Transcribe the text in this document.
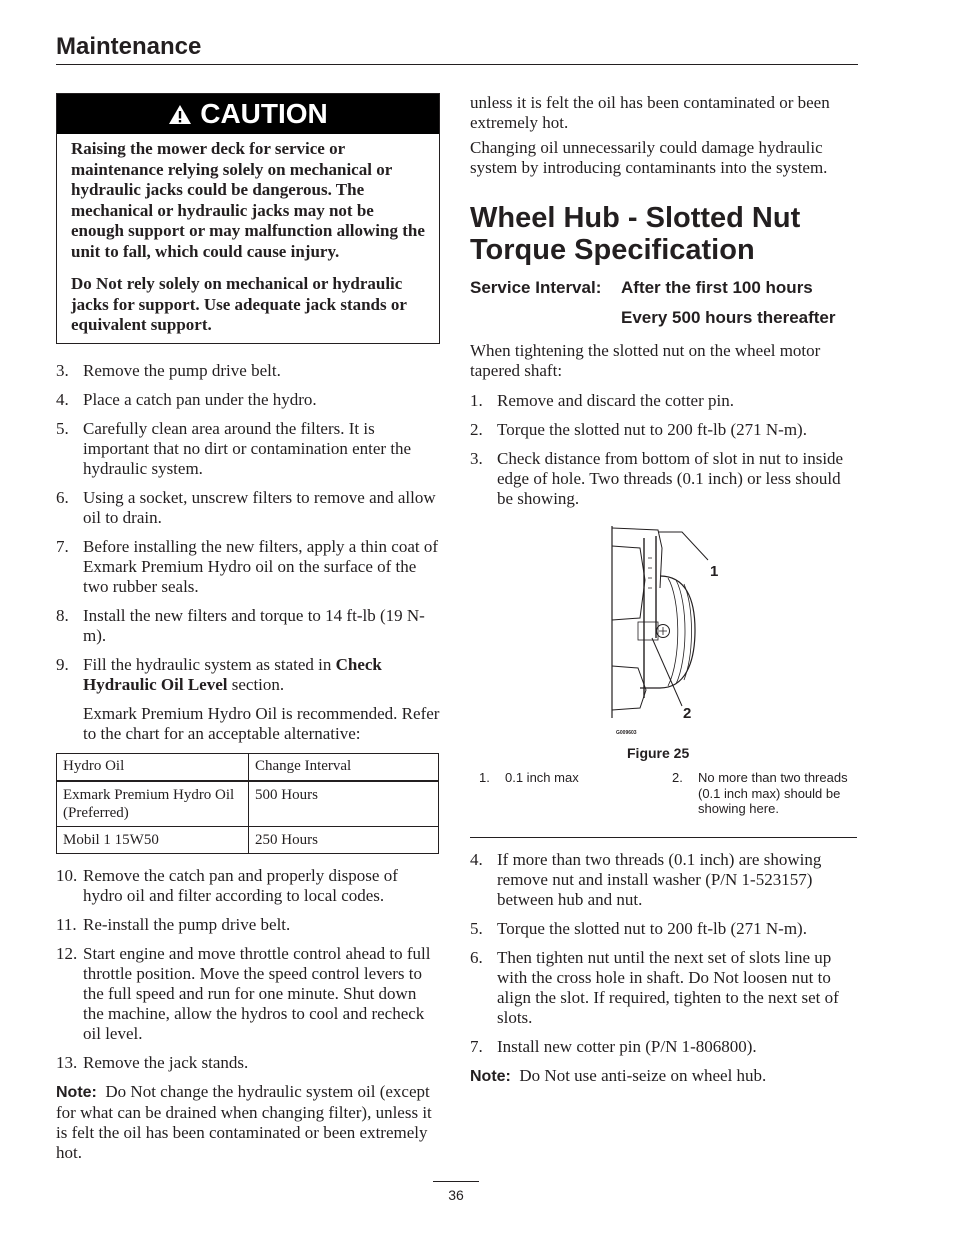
Maintenance
CAUTION

Raising the mower deck for service or maintenance relying solely on mechanical or hydraulic jacks could be dangerous. The mechanical or hydraulic jacks may not be enough support or may malfunction allowing the unit to fall, which could cause injury.

Do Not rely solely on mechanical or hydraulic jacks for support. Use adequate jack stands or equivalent support.

3. Remove the pump drive belt.
4. Place a catch pan under the hydro.
5. Carefully clean area around the filters. It is important that no dirt or contamination enter the hydraulic system.
6. Using a socket, unscrew filters to remove and allow oil to drain.
7. Before installing the new filters, apply a thin coat of Exmark Premium Hydro oil on the surface of the two rubber seals.
8. Install the new filters and torque to 14 ft-lb (19 N-m).
9. Fill the hydraulic system as stated in Check Hydraulic Oil Level section.

Exmark Premium Hydro Oil is recommended. Refer to the chart for an acceptable alternative:

Hydro Oil	Change Interval
Exmark Premium Hydro Oil (Preferred)	500 Hours
Mobil 1 15W50	250 Hours
10. Remove the catch pan and properly dispose of hydro oil and filter according to local codes.
11. Re-install the pump drive belt.
12. Start engine and move throttle control ahead to full throttle position. Move the speed control levers to the full speed and run for one minute. Shut down the machine, allow the hydros to cool and recheck oil level.
13. Remove the jack stands.

Note: Do Not change the hydraulic system oil (except for what can be drained when changing filter), unless it is felt the oil has been contaminated or been extremely hot.

unless it is felt the oil has been contaminated or been extremely hot.

Changing oil unnecessarily could damage hydraulic system by introducing contaminants into the system.

Wheel Hub - Slotted Nut Torque Specification
Service Interval:	After the first 100 hours
Every 500 hours thereafter

When tightening the slotted nut on the wheel motor tapered shaft:

1. Remove and discard the cotter pin.
2. Torque the slotted nut to 200 ft-lb (271 N-m).
3. Check distance from bottom of slot in nut to inside edge of hole. Two threads (0.1 inch) or less should be showing.
1
2
G009603
Figure 25
1.	0.1 inch max	2.	No more than two threads (0.1 inch max) should be showing here.
4. If more than two threads (0.1 inch) are showing remove nut and install washer (P/N 1-523157) between hub and nut.
5. Torque the slotted nut to 200 ft-lb (271 N-m).
6. Then tighten nut until the next set of slots line up with the cross hole in shaft. Do Not loosen nut to align the slot. If required, tighten to the next set of slots.
7. Install new cotter pin (P/N 1-806800).

Note: Do Not use anti-seize on wheel hub.

36
